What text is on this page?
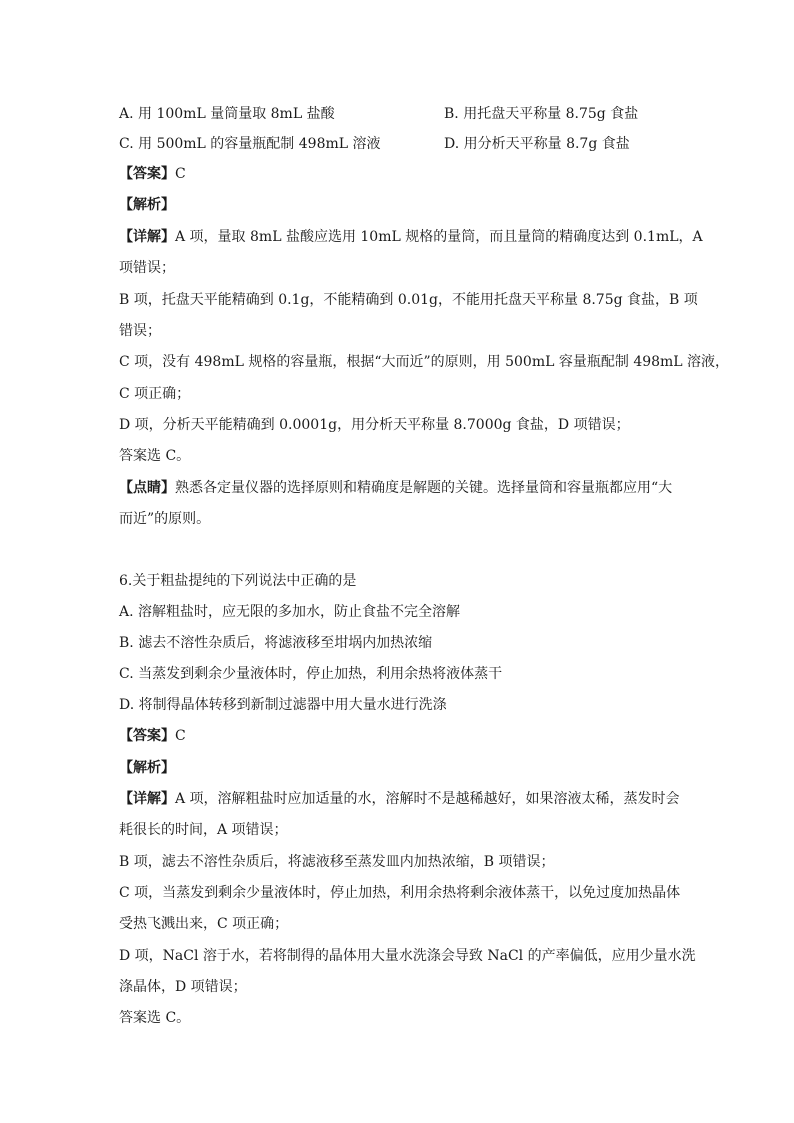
A. 用 100mL 量筒量取 8mL 盐酸	B. 用托盘天平称量 8.75g 食盐
C. 用 500mL 的容量瓶配制 498mL 溶液	D. 用分析天平称量 8.7g 食盐
【答案】C
【解析】
【详解】A 项，量取 8mL 盐酸应选用 10mL 规格的量筒，而且量筒的精确度达到 0.1mL，A
项错误；
B 项，托盘天平能精确到 0.1g，不能精确到 0.01g，不能用托盘天平称量 8.75g 食盐，B 项
错误；
C 项，没有 498mL 规格的容量瓶，根据“大而近”的原则，用 500mL 容量瓶配制 498mL 溶液，
C 项正确；
D 项，分析天平能精确到 0.0001g，用分析天平称量 8.7000g 食盐，D 项错误；
答案选 C。
【点睛】熟悉各定量仪器的选择原则和精确度是解题的关键。选择量筒和容量瓶都应用“大
而近”的原则。
6.关于粗盐提纯的下列说法中正确的是
A. 溶解粗盐时，应无限的多加水，防止食盐不完全溶解
B. 滤去不溶性杂质后，将滤液移至坩埚内加热浓缩
C. 当蒸发到剩余少量液体时，停止加热，利用余热将液体蒸干
D. 将制得晶体转移到新制过滤器中用大量水进行洗涤
【答案】C
【解析】
【详解】A 项，溶解粗盐时应加适量的水，溶解时不是越稀越好，如果溶液太稀，蒸发时会
耗很长的时间，A 项错误；
B 项，滤去不溶性杂质后，将滤液移至蒸发皿内加热浓缩，B 项错误；
C 项，当蒸发到剩余少量液体时，停止加热，利用余热将剩余液体蒸干，以免过度加热晶体
受热飞溅出来，C 项正确；
D 项，NaCl 溶于水，若将制得的晶体用大量水洗涤会导致 NaCl 的产率偏低，应用少量水洗
涤晶体，D 项错误；
答案选 C。
